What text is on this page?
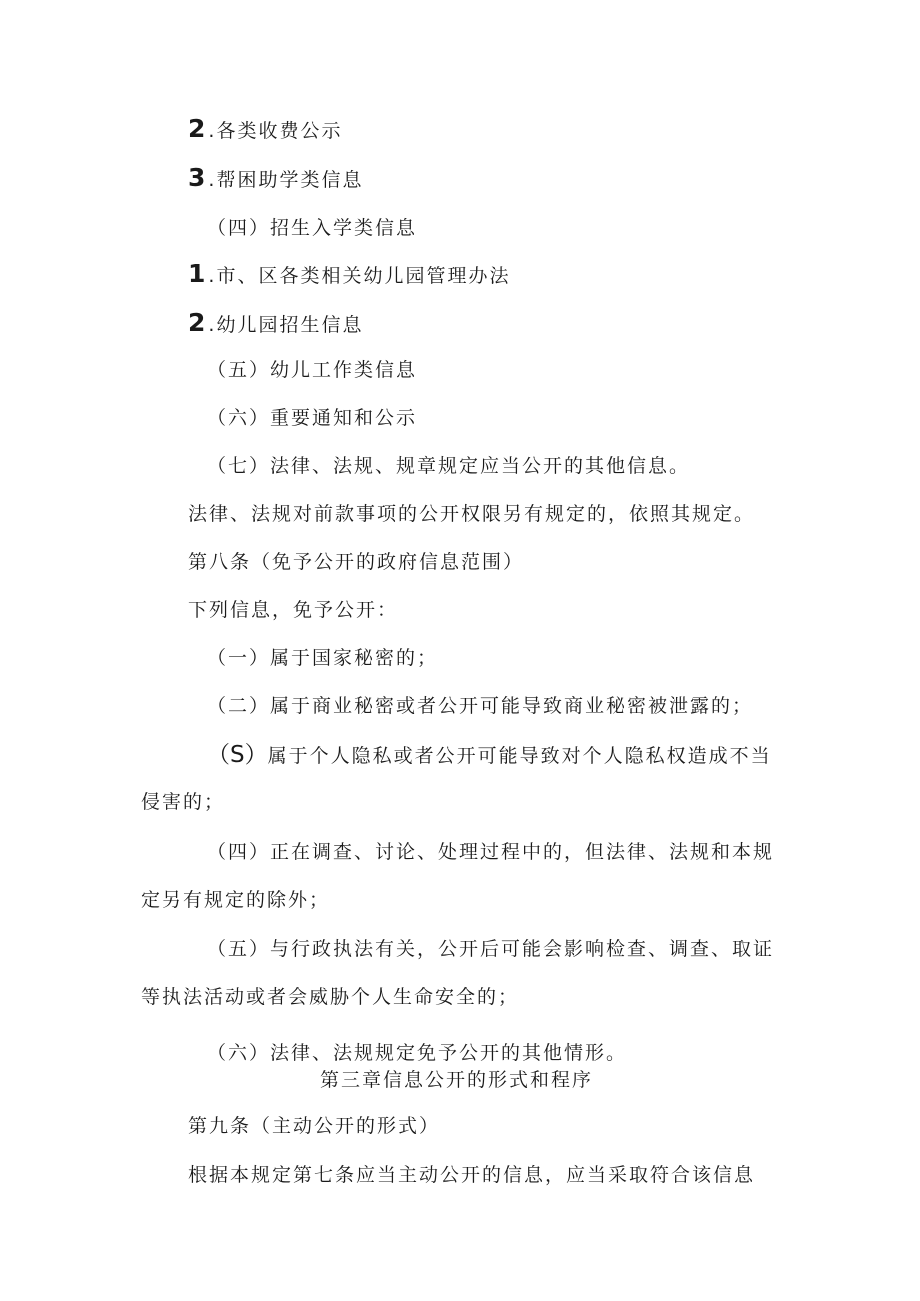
2 .各类收费公示
3 .帮困助学类信息
（四）招生入学类信息
1 .市、区各类相关幼儿园管理办法
2 .幼儿园招生信息
（五）幼儿工作类信息
（六）重要通知和公示
（七）法律、法规、规章规定应当公开的其他信息。
法律、法规对前款事项的公开权限另有规定的，依照其规定。
第八条（免予公开的政府信息范围）
下列信息，免予公开：
（一）属于国家秘密的；
（二）属于商业秘密或者公开可能导致商业秘密被泄露的；
（S）属于个人隐私或者公开可能导致对个人隐私权造成不当
侵害的；
（四）正在调查、讨论、处理过程中的，但法律、法规和本规
定另有规定的除外；
（五）与行政执法有关，公开后可能会影响检查、调查、取证
等执法活动或者会威胁个人生命安全的；
（六）法律、法规规定免予公开的其他情形。
第三章信息公开的形式和程序
第九条（主动公开的形式）
根据本规定第七条应当主动公开的信息，应当采取符合该信息
